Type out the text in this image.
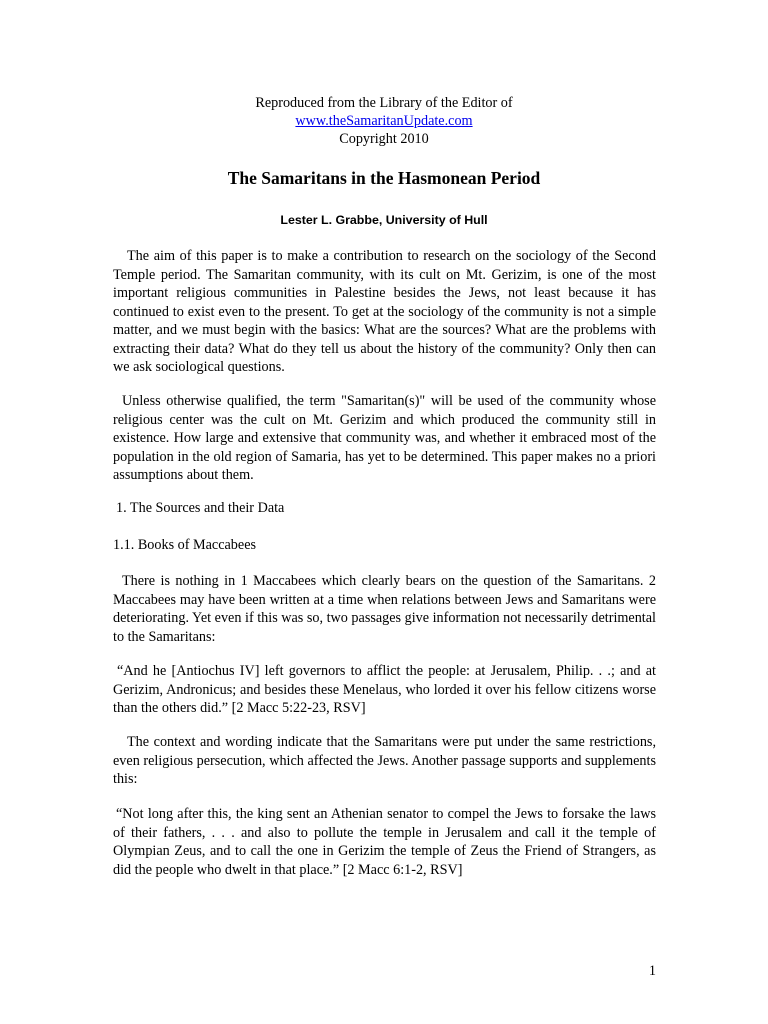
Reproduced from the Library of the Editor of
www.theSamaritanUpdate.com
Copyright 2010
The Samaritans in the Hasmonean Period
Lester L. Grabbe, University of Hull
The aim of this paper is to make a contribution to research on the sociology of the Second Temple period. The Samaritan community, with its cult on Mt. Gerizim, is one of the most important religious communities in Palestine besides the Jews, not least because it has continued to exist even to the present. To get at the sociology of the community is not a simple matter, and we must begin with the basics: What are the sources? What are the problems with extracting their data? What do they tell us about the history of the community? Only then can we ask sociological questions.
Unless otherwise qualified, the term "Samaritan(s)" will be used of the community whose religious center was the cult on Mt. Gerizim and which produced the community still in existence. How large and extensive that community was, and whether it embraced most of the population in the old region of Samaria, has yet to be determined. This paper makes no a priori assumptions about them.
1. The Sources and their Data
1.1. Books of Maccabees
There is nothing in 1 Maccabees which clearly bears on the question of the Samaritans. 2 Maccabees may have been written at a time when relations between Jews and Samaritans were deteriorating. Yet even if this was so, two passages give information not necessarily detrimental to the Samaritans:
“And he [Antiochus IV] left governors to afflict the people: at Jerusalem, Philip. . .; and at Gerizim, Andronicus; and besides these Menelaus, who lorded it over his fellow citizens worse than the others did.” [2 Macc 5:22-23, RSV]
The context and wording indicate that the Samaritans were put under the same restrictions, even religious persecution, which affected the Jews. Another passage supports and supplements this:
“Not long after this, the king sent an Athenian senator to compel the Jews to forsake the laws of their fathers, . . . and also to pollute the temple in Jerusalem and call it the temple of Olympian Zeus, and to call the one in Gerizim the temple of Zeus the Friend of Strangers, as did the people who dwelt in that place.” [2 Macc 6:1-2, RSV]
1
